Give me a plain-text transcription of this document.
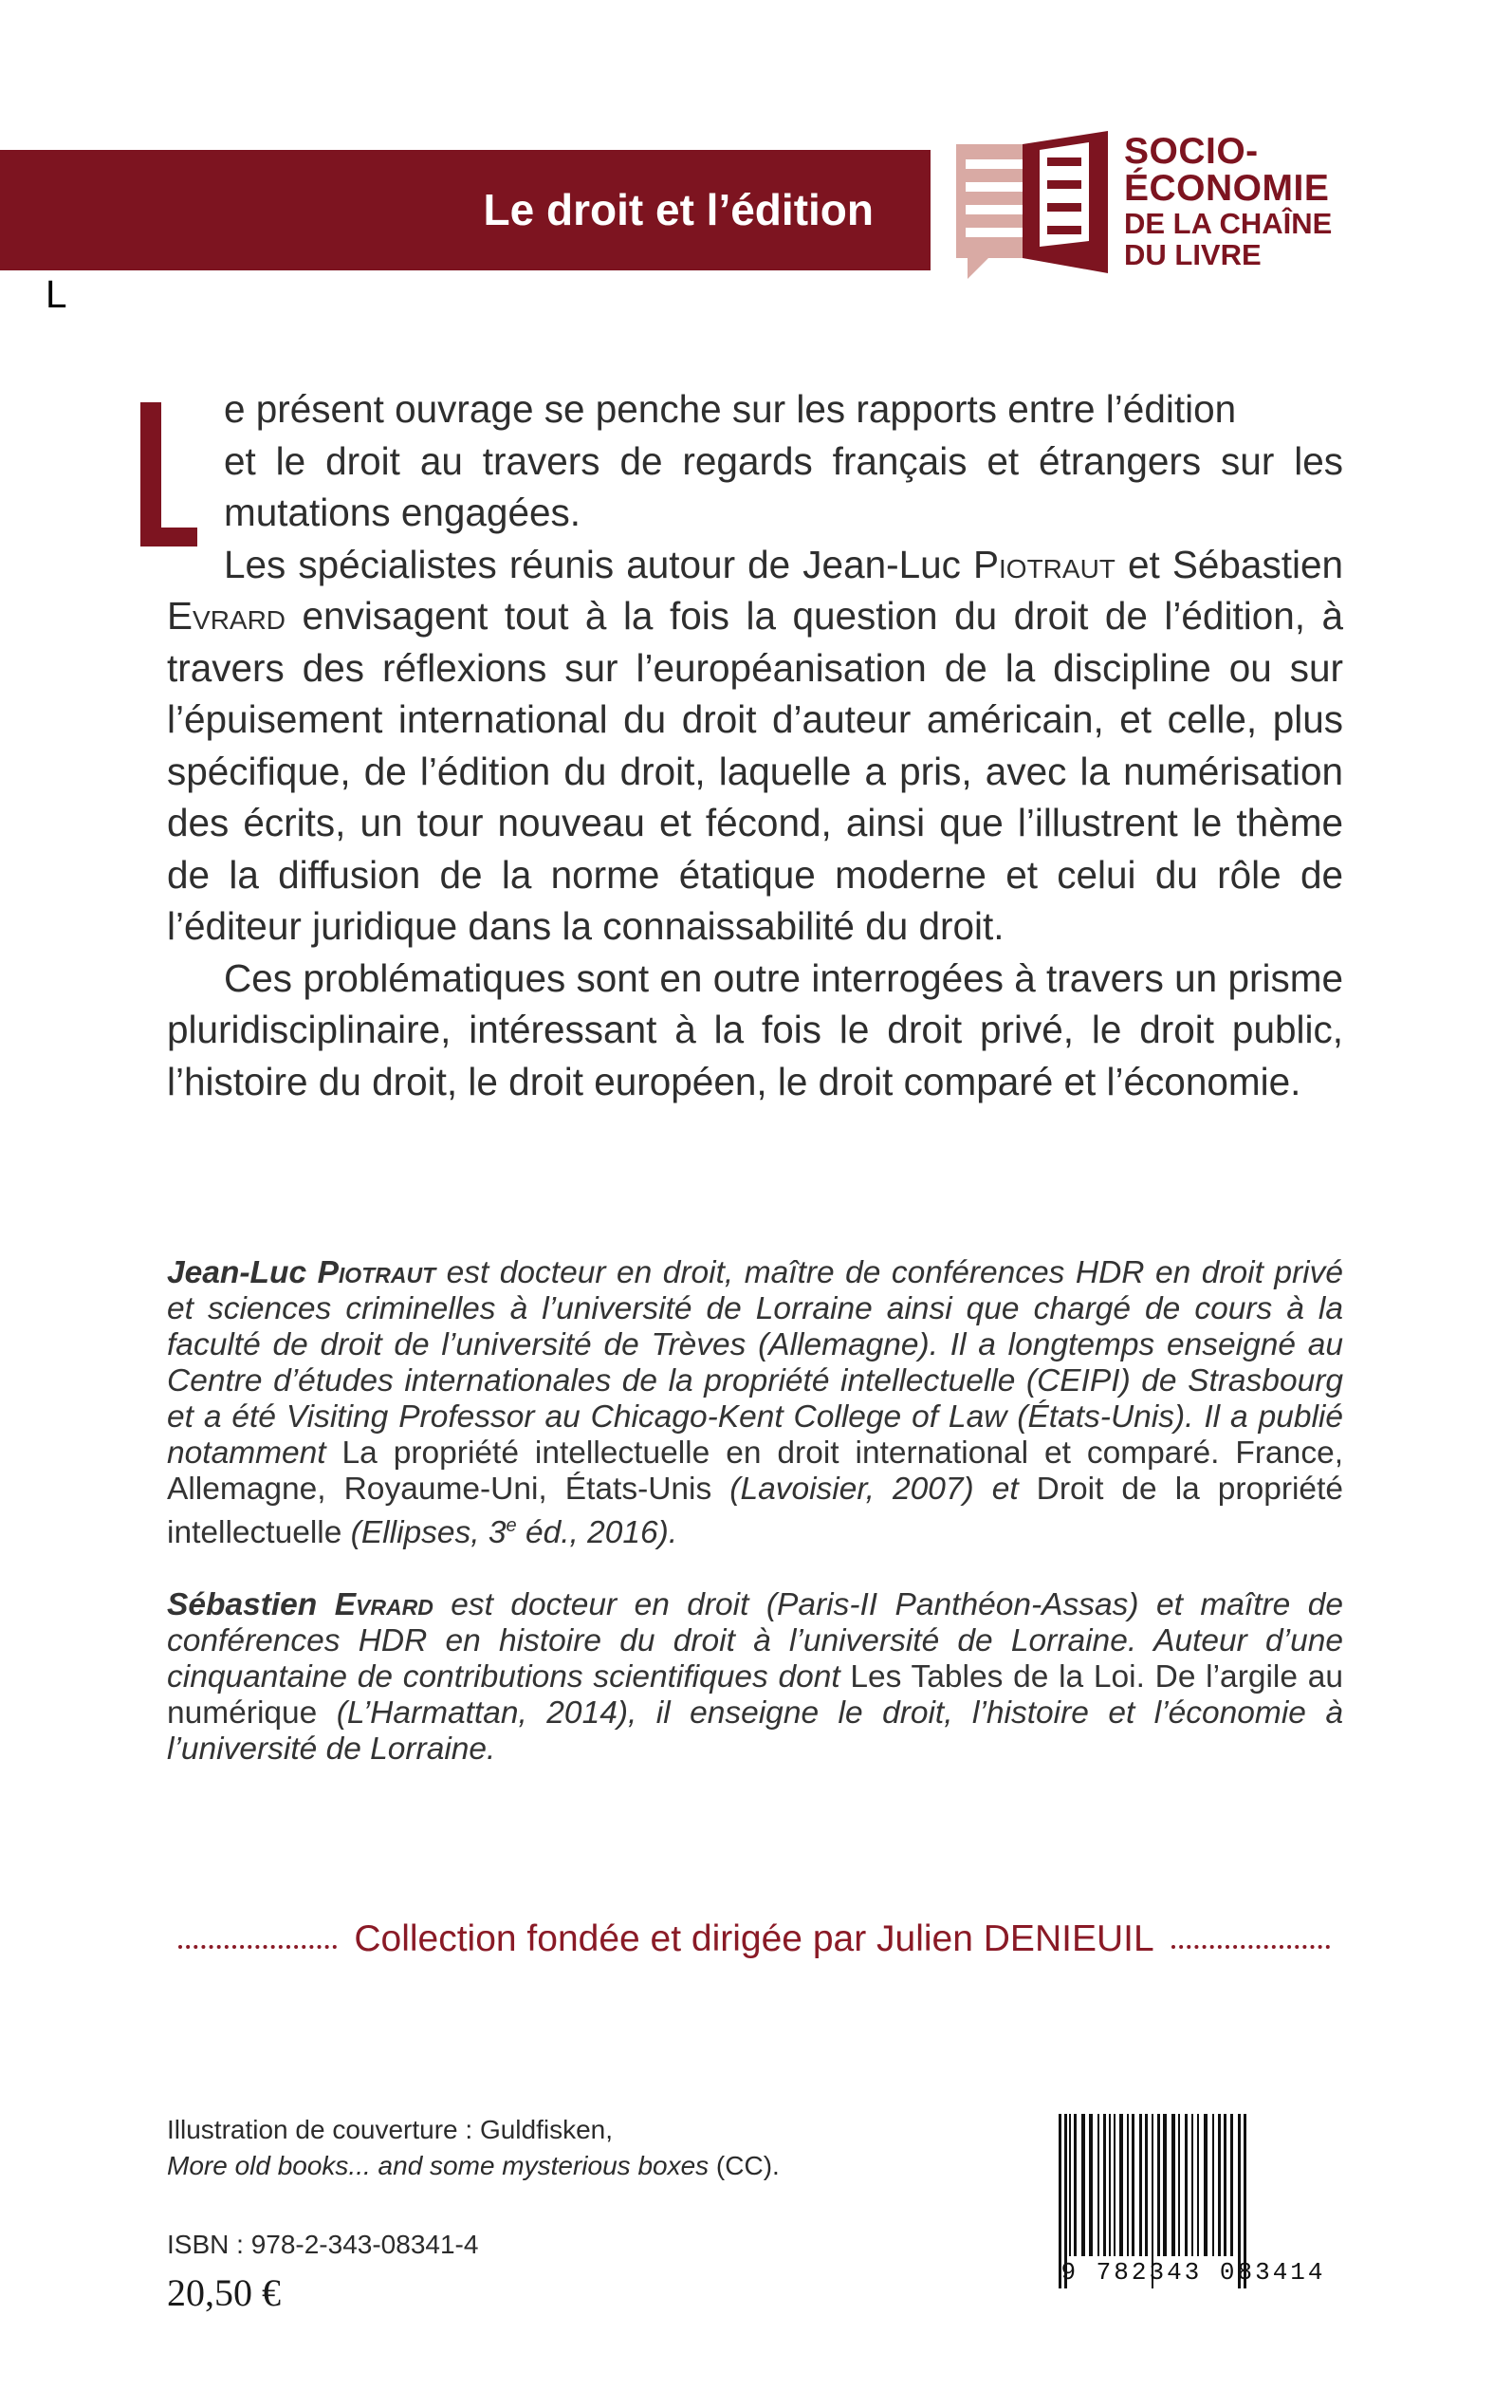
Le droit et l’édition
SOCIO-
ÉCONOMIE
DE LA CHAÎNE
DU LIVRE
L

e présent ouvrage se penche sur les rapports entre l’édition
et le droit au travers de regards français et étrangers sur les
mutations engagées.

Les spécialistes réunis autour de Jean-Luc Piotraut et Sébastien Evrard envisagent tout à la fois la question du droit de l’édition, à travers des réflexions sur l’européanisation de la discipline ou sur l’épuisement international du droit d’auteur américain, et celle, plus spécifique, de l’édition du droit, laquelle a pris, avec la numérisation des écrits, un tour nouveau et fécond, ainsi que l’illustrent le thème de la diffusion de la norme étatique moderne et celui du rôle de l’éditeur juridique dans la connaissabilité du droit.

Ces problématiques sont en outre interrogées à travers un prisme pluridisciplinaire, intéressant à la fois le droit privé, le droit public, l’histoire du droit, le droit européen, le droit comparé et l’économie.

Jean-Luc Piotraut est docteur en droit, maître de conférences HDR en droit privé et sciences criminelles à l’université de Lorraine ainsi que chargé de cours à la faculté de droit de l’université de Trèves (Allemagne). Il a longtemps enseigné au Centre d’études internationales de la propriété intellectuelle (CEIPI) de Strasbourg et a été Visiting Professor au Chicago-Kent College of Law (États-Unis). Il a publié notamment La propriété intellectuelle en droit international et comparé. France, Allemagne, Royaume-Uni, États-Unis (Lavoisier, 2007) et Droit de la propriété intellectuelle (Ellipses, 3e éd., 2016).

Sébastien Evrard est docteur en droit (Paris-II Panthéon-Assas) et maître de conférences HDR en histoire du droit à l’université de Lorraine. Auteur d’une cinquantaine de contributions scientifiques dont Les Tables de la Loi. De l’argile au numérique (L’Harmattan, 2014), il enseigne le droit, l’histoire et l’économie à l’université de Lorraine.

Collection fondée et dirigée par Julien DENIEUIL
Illustration de couverture : Guldfisken,
More old books... and some mysterious boxes (CC).
ISBN : 978-2-343-08341-4
20,50 €	9 782343 083414
